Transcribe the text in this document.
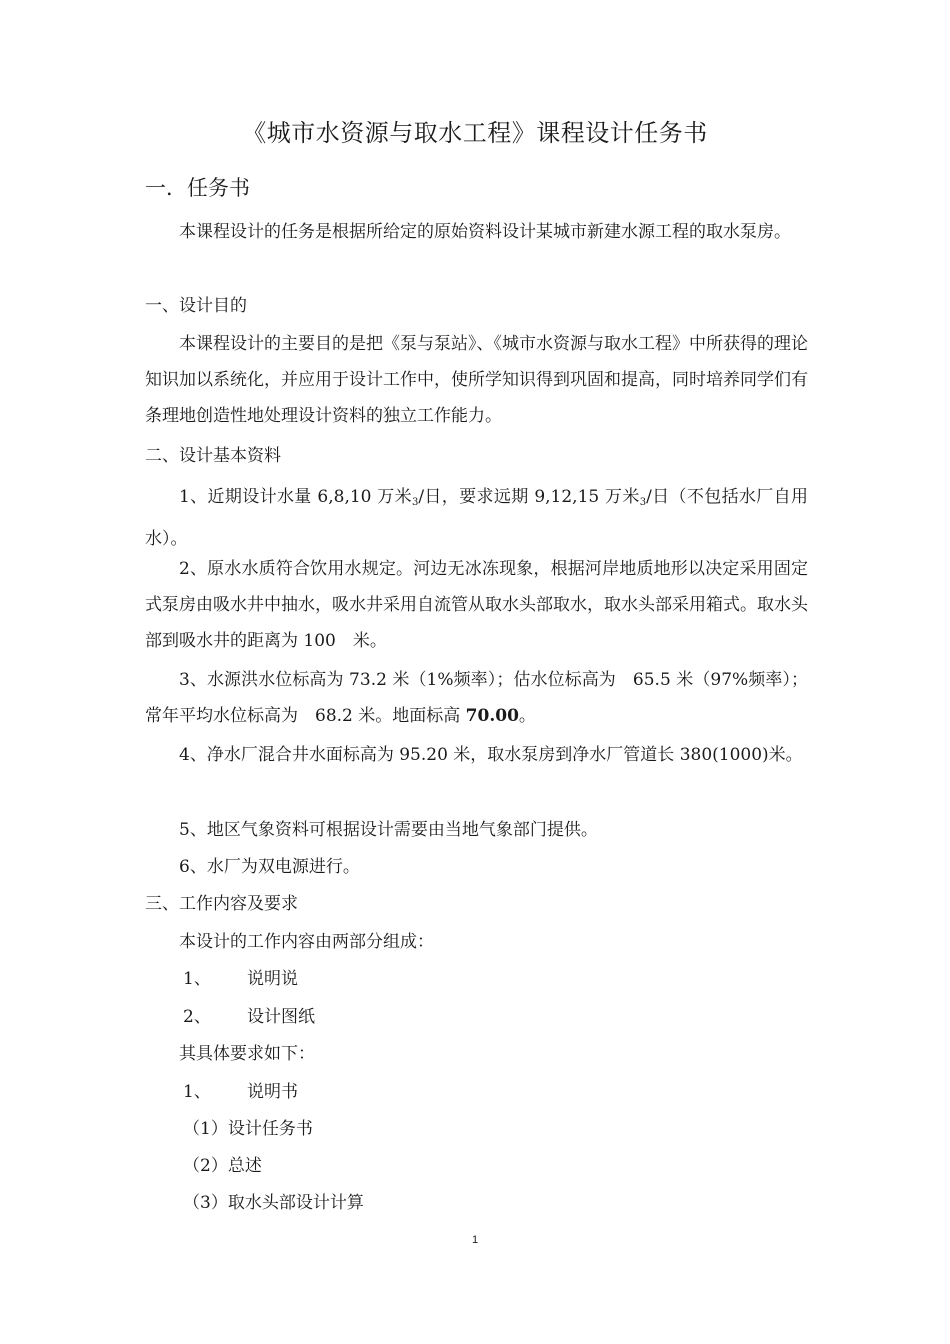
《城市水资源与取水工程》课程设计任务书
一．任务书

本课程设计的任务是根据所给定的原始资料设计某城市新建水源工程的取水泵房。

一、设计目的

本课程设计的主要目的是把《泵与泵站》、《城市水资源与取水工程》中所获得的理论知识加以系统化，并应用于设计工作中，使所学知识得到巩固和提高，同时培养同学们有条理地创造性地处理设计资料的独立工作能力。

二、设计基本资料

1、近期设计水量 6,8,10 万米3/日，要求远期 9,12,15 万米3/日（不包括水厂自用水）。

2、原水水质符合饮用水规定。河边无冰冻现象，根据河岸地质地形以决定采用固定式泵房由吸水井中抽水，吸水井采用自流管从取水头部取水，取水头部采用箱式。取水头部到吸水井的距离为 100　米。

3、水源洪水位标高为 73.2 米（1%频率）；估水位标高为　65.5 米（97%频率）；常年平均水位标高为　68.2 米。地面标高 70.00。

4、净水厂混合井水面标高为 95.20 米，取水泵房到净水厂管道长 380(1000)米。

5、地区气象资料可根据设计需要由当地气象部门提供。
6、水厂为双电源进行。
三、工作内容及要求
本设计的工作内容由两部分组成：
1、 说明说
2、 设计图纸
其具体要求如下：
1、 说明书
（1）设计任务书
（2）总述
（3）取水头部设计计算
1
